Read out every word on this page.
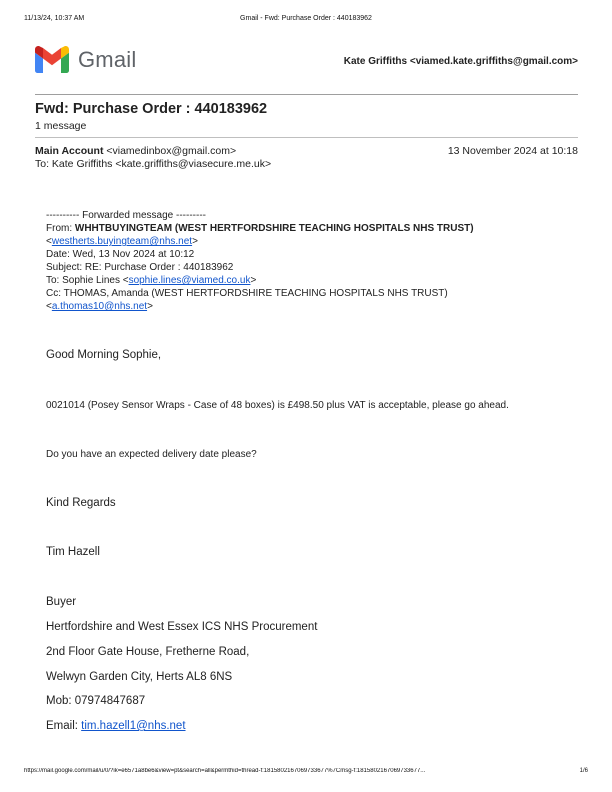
11/13/24, 10:37 AM	Gmail - Fwd: Purchase Order : 440183962
Gmail	Kate Griffiths <viamed.kate.griffiths@gmail.com>
Fwd: Purchase Order : 440183962
1 message
Main Account <viamedinbox@gmail.com>	13 November 2024 at 10:18
To: Kate Griffiths <kate.griffiths@viasecure.me.uk>
---------- Forwarded message ---------
From: WHHTBUYINGTEAM (WEST HERTFORDSHIRE TEACHING HOSPITALS NHS TRUST)
<westherts.buyingteam@nhs.net>
Date: Wed, 13 Nov 2024 at 10:12
Subject: RE: Purchase Order : 440183962
To: Sophie Lines <sophie.lines@viamed.co.uk>
Cc: THOMAS, Amanda (WEST HERTFORDSHIRE TEACHING HOSPITALS NHS TRUST)
<a.thomas10@nhs.net>
Good Morning Sophie,
0021014 (Posey Sensor Wraps - Case of 48 boxes) is £498.50 plus VAT is acceptable, please go ahead.
Do you have an expected delivery date please?
Kind Regards
Tim Hazell
Buyer
Hertfordshire and West Essex ICS NHS Procurement
2nd Floor Gate House, Fretherne Road,
Welwyn Garden City, Herts AL8 6NS
Mob: 07974847687
Email: tim.hazell1@nhs.net
https://mail.google.com/mail/u/0/?ik=e6571a8be6&view=pt&search=all&permthid=thread-f:1815802167069733677%7Cmsg-f:1815802167069733677...	1/6
